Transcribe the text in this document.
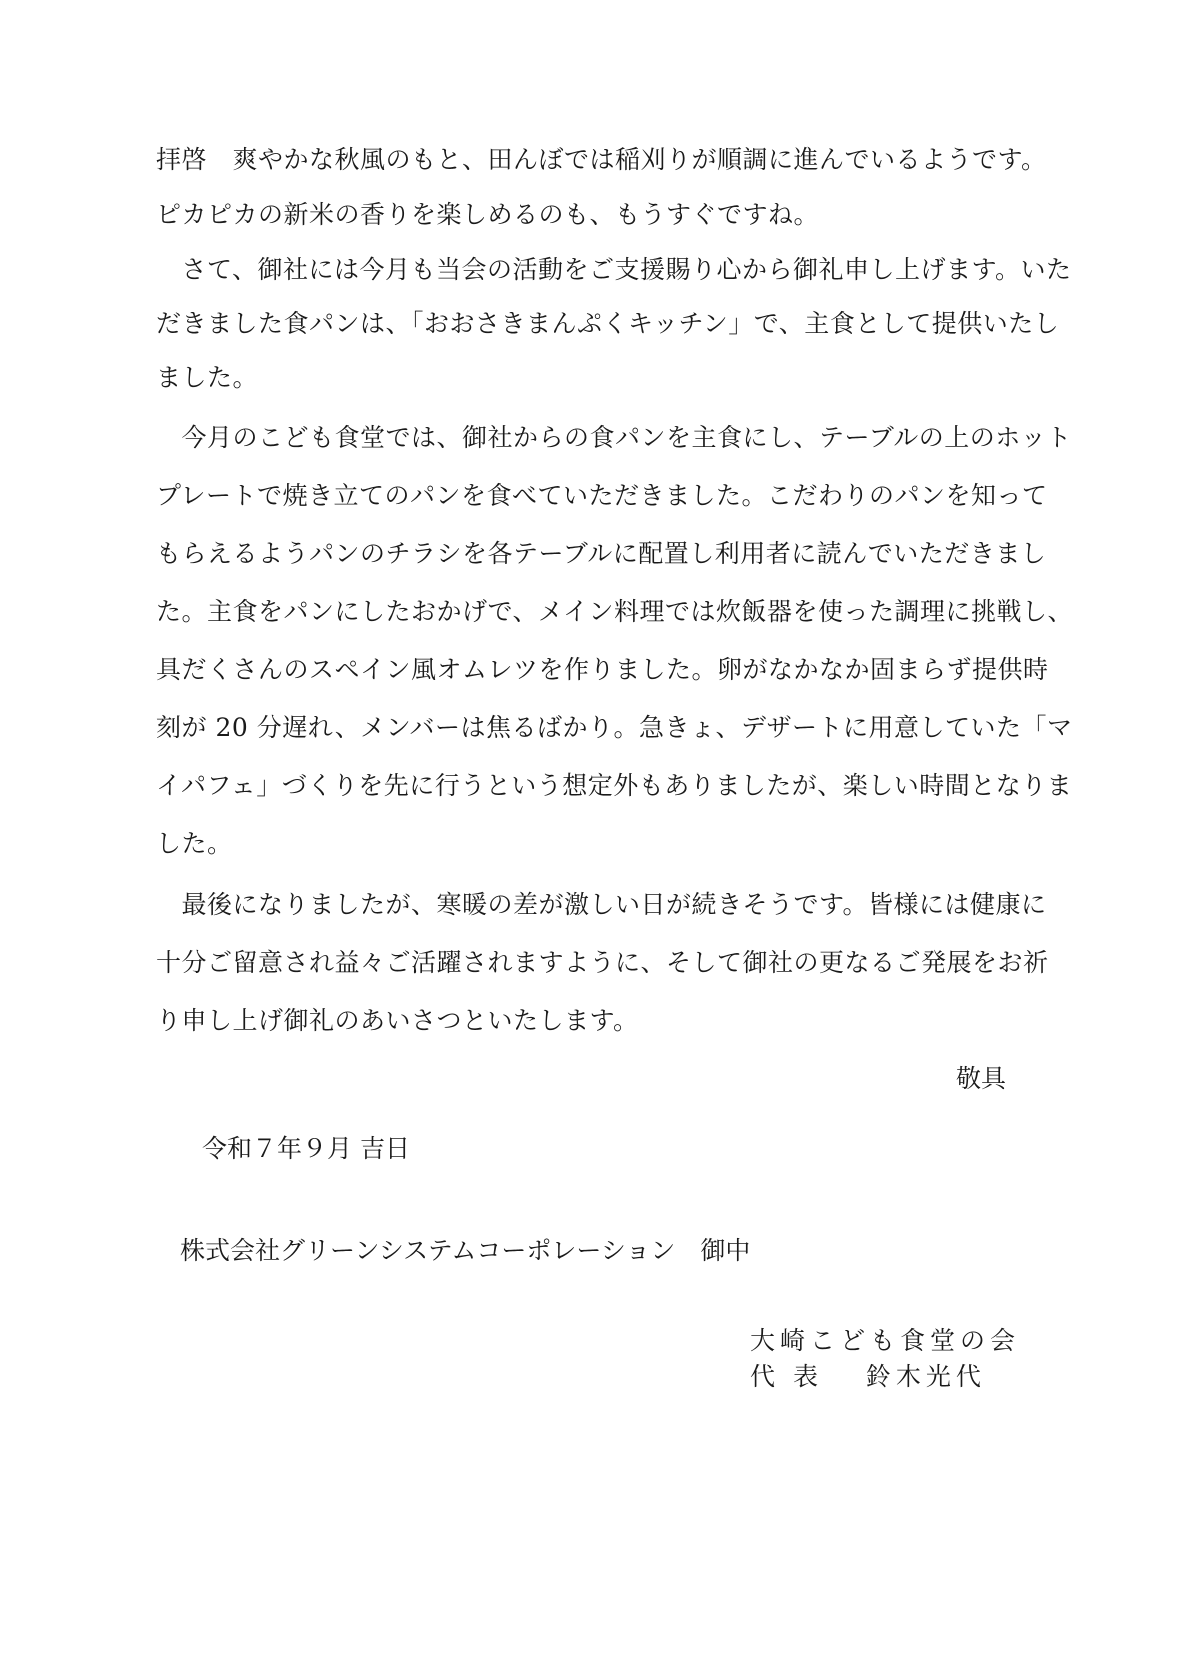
拝啓　爽やかな秋風のもと、田んぼでは稲刈りが順調に進んでいるようです。
ピカピカの新米の香りを楽しめるのも、もうすぐですね。
　さて、御社には今月も当会の活動をご支援賜り心から御礼申し上げます。いた
だきました食パンは、「おおさきまんぷくキッチン」で、主食として提供いたし
ました。
　今月のこども食堂では、御社からの食パンを主食にし、テーブルの上のホット
プレートで焼き立てのパンを食べていただきました。こだわりのパンを知って
もらえるようパンのチラシを各テーブルに配置し利用者に読んでいただきまし
た。主食をパンにしたおかげで、メイン料理では炊飯器を使った調理に挑戦し、
具だくさんのスペイン風オムレツを作りました。卵がなかなか固まらず提供時
刻が 20 分遅れ、メンバーは焦るばかり。急きょ、デザートに用意していた「マ
イパフェ」づくりを先に行うという想定外もありましたが、楽しい時間となりま
した。
　最後になりましたが、寒暖の差が激しい日が続きそうです。皆様には健康に
十分ご留意され益々ご活躍されますように、そして御社の更なるご発展をお祈
り申し上げ御礼のあいさつといたします。
敬具
令和７年９月 吉日
株式会社グリーンシステムコーポレーション　御中
大崎こども食堂の会
代 表　 鈴木光代
